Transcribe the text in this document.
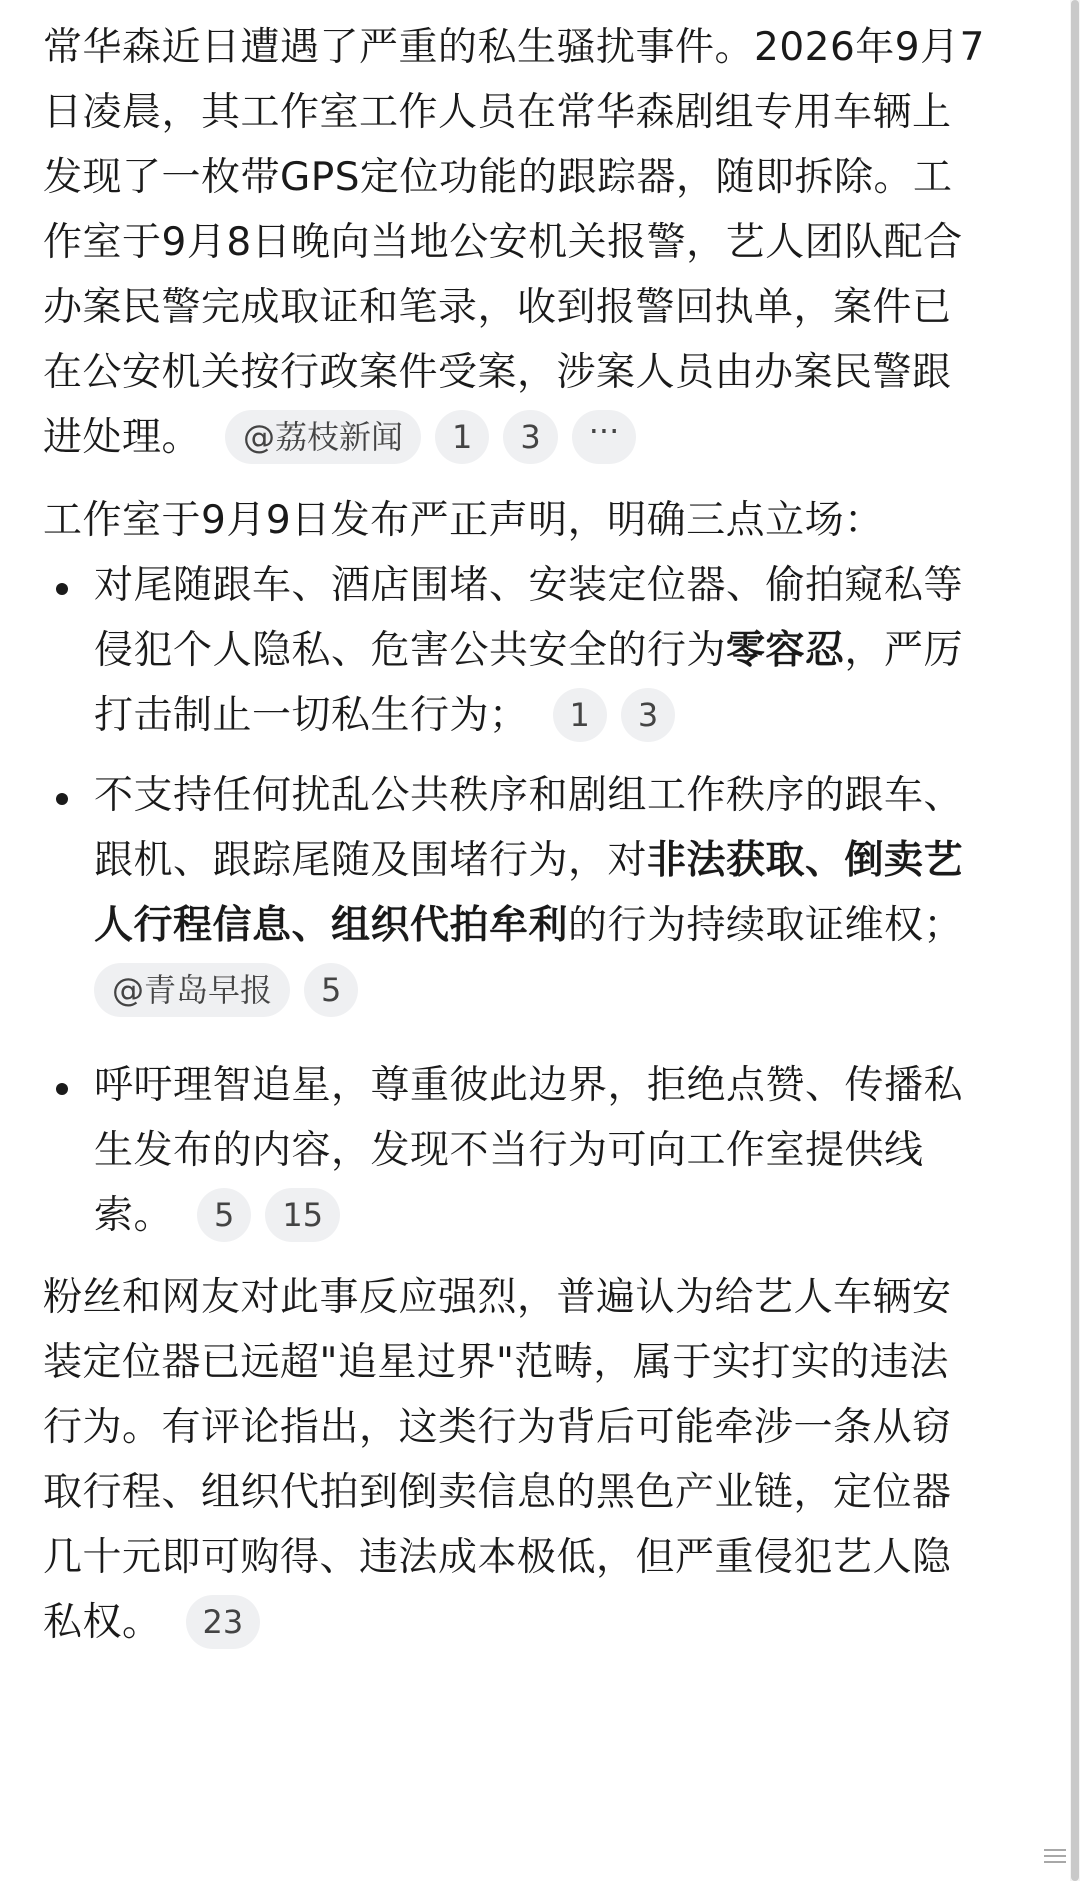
常华森近日遭遇了严重的私生骚扰事件。2026年9月7
日凌晨，其工作室工作人员在常华森剧组专用车辆上
发现了一枚带GPS定位功能的跟踪器，随即拆除。工
作室于9月8日晚向当地公安机关报警，艺人团队配合
办案民警完成取证和笔录，收到报警回执单，案件已
在公安机关按行政案件受案，涉案人员由办案民警跟
进处理。 @荔枝新闻 1 3 ···
工作室于9月9日发布严正声明，明确三点立场：
对尾随跟车、酒店围堵、安装定位器、偷拍窥私等
侵犯个人隐私、危害公共安全的行为零容忍，严厉
打击制止一切私生行为； 1 3
不支持任何扰乱公共秩序和剧组工作秩序的跟车、
跟机、跟踪尾随及围堵行为，对非法获取、倒卖艺
人行程信息、组织代拍牟利的行为持续取证维权；
@青岛早报 5
呼吁理智追星，尊重彼此边界，拒绝点赞、传播私
生发布的内容，发现不当行为可向工作室提供线
索。 5 15
粉丝和网友对此事反应强烈，普遍认为给艺人车辆安
装定位器已远超"追星过界"范畴，属于实打实的违法
行为。有评论指出，这类行为背后可能牵涉一条从窃
取行程、组织代拍到倒卖信息的黑色产业链，定位器
几十元即可购得、违法成本极低，但严重侵犯艺人隐
私权。 23
